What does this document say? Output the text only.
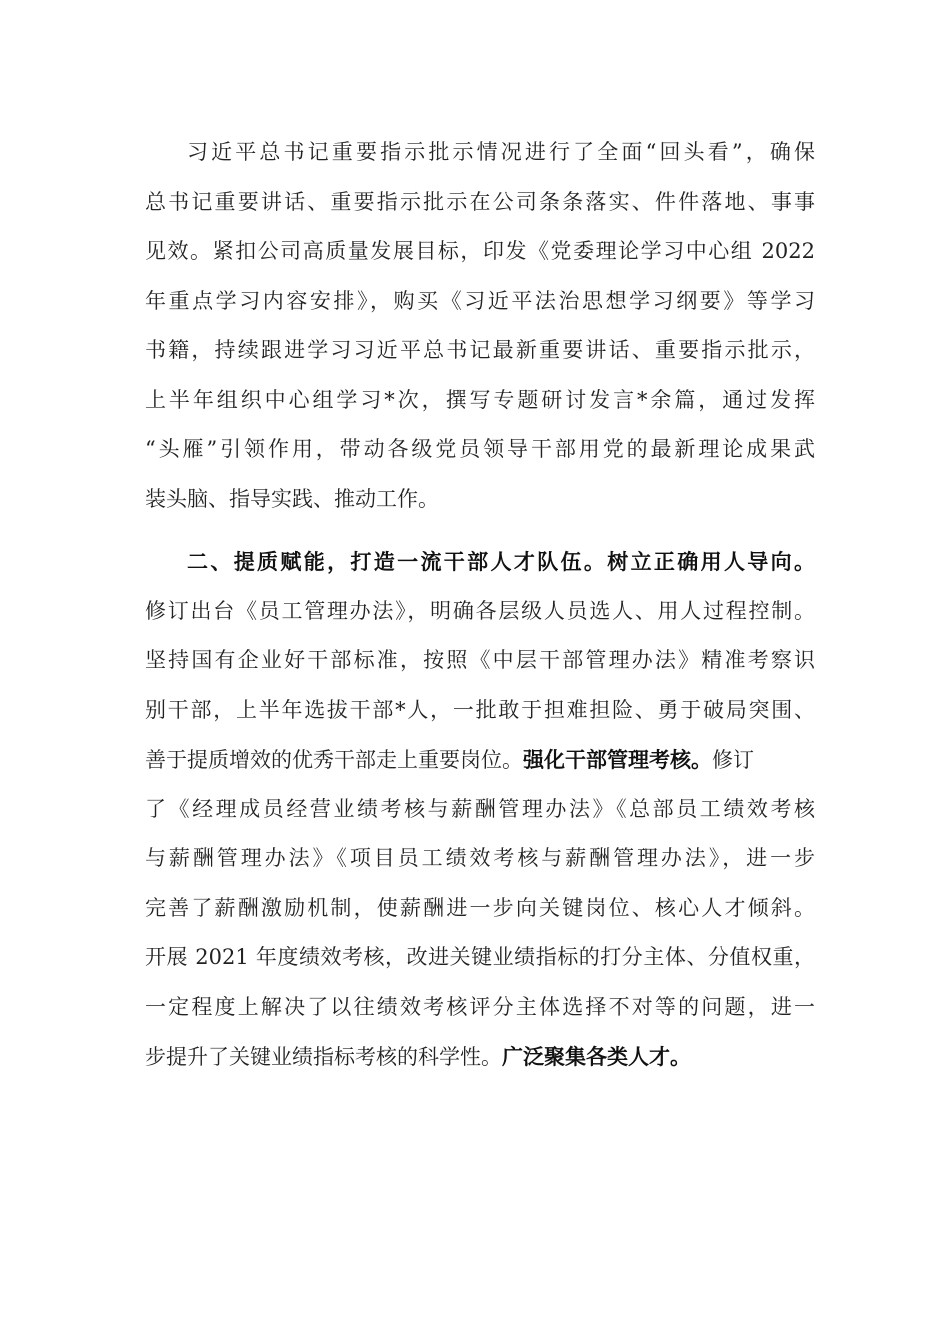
习近平总书记重要指示批示情况进行了全面“回头看”，确保
总书记重要讲话、重要指示批示在公司条条落实、件件落地、事事
见效。紧扣公司高质量发展目标，印发《党委理论学习中心组 2022
年重点学习内容安排》，购买《习近平法治思想学习纲要》等学习
书籍，持续跟进学习习近平总书记最新重要讲话、重要指示批示，
上半年组织中心组学习*次，撰写专题研讨发言*余篇，通过发挥
“头雁”引领作用，带动各级党员领导干部用党的最新理论成果武
装头脑、指导实践、推动工作。
二、提质赋能，打造一流干部人才队伍。树立正确用人导向。
修订出台《员工管理办法》，明确各层级人员选人、用人过程控制。
坚持国有企业好干部标准，按照《中层干部管理办法》精准考察识
别干部，上半年选拔干部*人，一批敢于担难担险、勇于破局突围、
善于提质增效的优秀干部走上重要岗位。强化干部管理考核。修订
了《经理成员经营业绩考核与薪酬管理办法》《总部员工绩效考核
与薪酬管理办法》《项目员工绩效考核与薪酬管理办法》，进一步
完善了薪酬激励机制，使薪酬进一步向关键岗位、核心人才倾斜。
开展 2021 年度绩效考核，改进关键业绩指标的打分主体、分值权重，
一定程度上解决了以往绩效考核评分主体选择不对等的问题，进一
步提升了关键业绩指标考核的科学性。广泛聚集各类人才。
